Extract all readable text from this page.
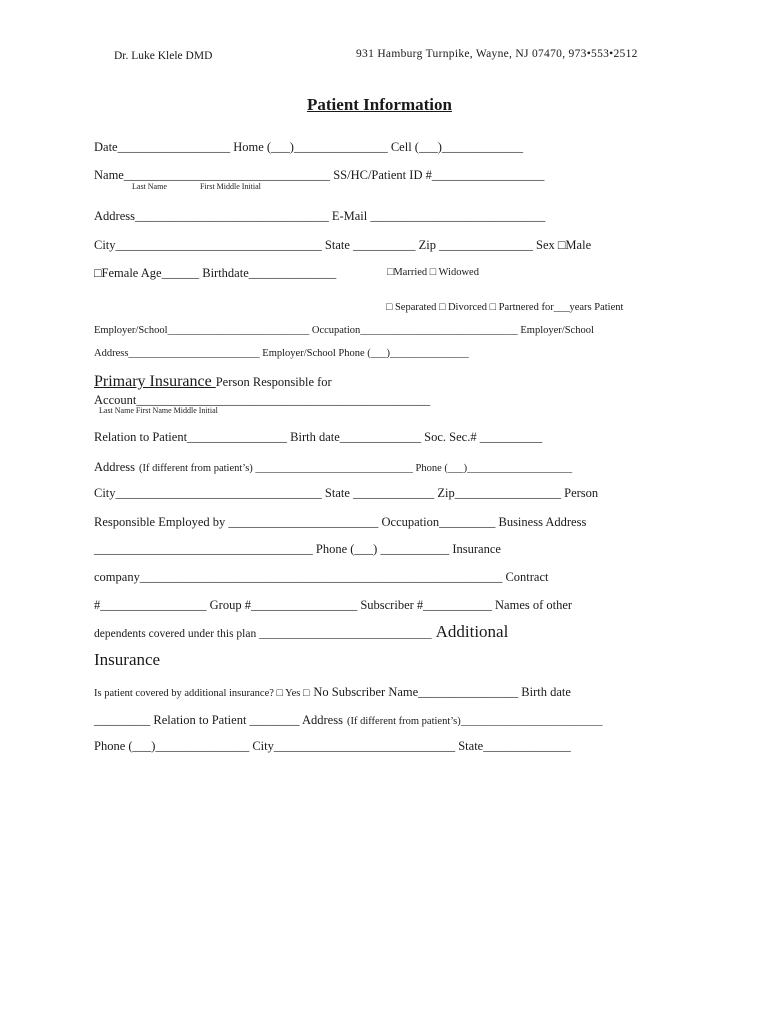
Dr. Luke Klele DMD	931 Hamburg Turnpike, Wayne, NJ 07470, 973•553•2512
Patient Information
Date__________________ Home (___)_______________ Cell (___)_____________
Name_________________________________ SS/HC/Patient ID #__________________
Last Name	First Middle Initial
Address_______________________________ E-Mail ____________________________
City_________________________________ State __________ Zip _______________ Sex □Male
□Female Age______ Birthdate______________	□Married □ Widowed
□ Separated □ Divorced □ Partnered for___years Patient
Employer/School___________________________ Occupation______________________________ Employer/School
Address_________________________ Employer/School Phone (___)_______________
Primary Insurance Person Responsible for
Account_______________________________________________
Last Name First Name Middle Initial
Relation to Patient________________ Birth date_____________ Soc. Sec.# __________
Address (If different from patient’s) ______________________________ Phone (___)____________________
City_________________________________ State _____________ Zip_________________ Person
Responsible Employed by ________________________ Occupation_________ Business Address
___________________________________ Phone (___) ___________ Insurance
company__________________________________________________________ Contract
#_________________ Group #_________________ Subscriber #___________ Names of other
dependents covered under this plan ______________________________ Additional
Insurance
Is patient covered by additional insurance? □ Yes □ No Subscriber Name________________ Birth date
_________ Relation to Patient ________ Address (If different from patient’s)___________________________
Phone (___)_______________ City_____________________________ State______________
